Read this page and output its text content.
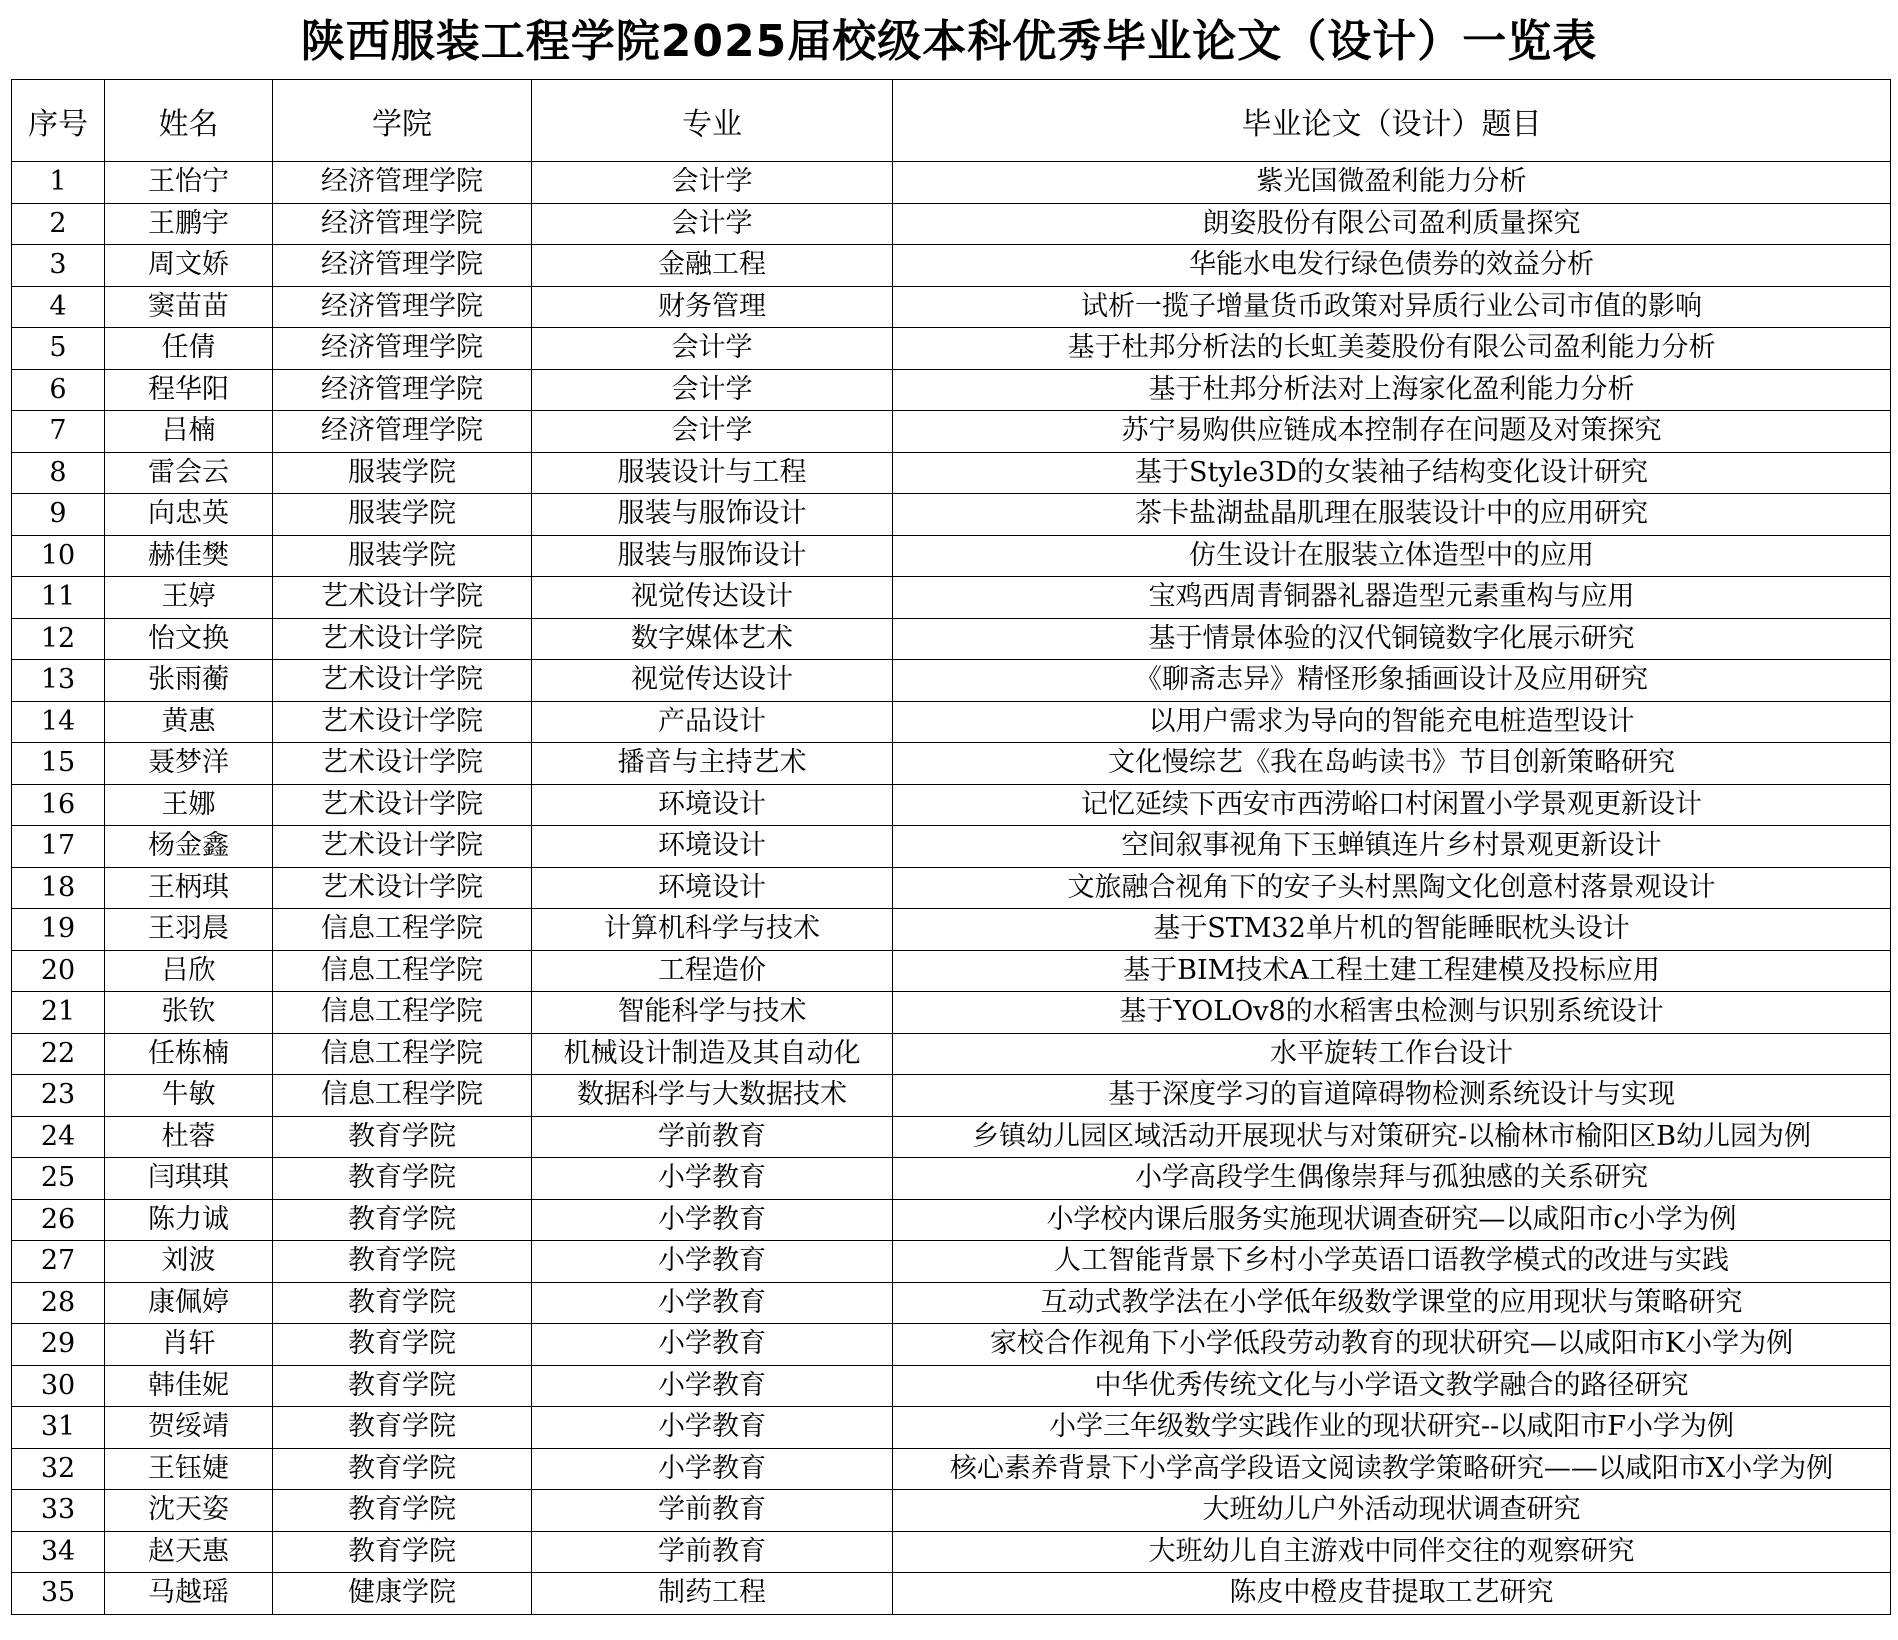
陕西服装工程学院2025届校级本科优秀毕业论文（设计）一览表
序号	姓名	学院	专业	毕业论文（设计）题目
1	王怡宁	经济管理学院	会计学	紫光国微盈利能力分析
2	王鹏宇	经济管理学院	会计学	朗姿股份有限公司盈利质量探究
3	周文娇	经济管理学院	金融工程	华能水电发行绿色债券的效益分析
4	窦苗苗	经济管理学院	财务管理	试析一揽子增量货币政策对异质行业公司市值的影响
5	任倩	经济管理学院	会计学	基于杜邦分析法的长虹美菱股份有限公司盈利能力分析
6	程华阳	经济管理学院	会计学	基于杜邦分析法对上海家化盈利能力分析
7	吕楠	经济管理学院	会计学	苏宁易购供应链成本控制存在问题及对策探究
8	雷会云	服装学院	服装设计与工程	基于Style3D的女装袖子结构变化设计研究
9	向忠英	服装学院	服装与服饰设计	茶卡盐湖盐晶肌理在服装设计中的应用研究
10	赫佳樊	服装学院	服装与服饰设计	仿生设计在服装立体造型中的应用
11	王婷	艺术设计学院	视觉传达设计	宝鸡西周青铜器礼器造型元素重构与应用
12	怡文换	艺术设计学院	数字媒体艺术	基于情景体验的汉代铜镜数字化展示研究
13	张雨蘅	艺术设计学院	视觉传达设计	《聊斋志异》精怪形象插画设计及应用研究
14	黄惠	艺术设计学院	产品设计	以用户需求为导向的智能充电桩造型设计
15	聂梦洋	艺术设计学院	播音与主持艺术	文化慢综艺《我在岛屿读书》节目创新策略研究
16	王娜	艺术设计学院	环境设计	记忆延续下西安市西涝峪口村闲置小学景观更新设计
17	杨金鑫	艺术设计学院	环境设计	空间叙事视角下玉蝉镇连片乡村景观更新设计
18	王柄琪	艺术设计学院	环境设计	文旅融合视角下的安子头村黑陶文化创意村落景观设计
19	王羽晨	信息工程学院	计算机科学与技术	基于STM32单片机的智能睡眠枕头设计
20	吕欣	信息工程学院	工程造价	基于BIM技术A工程土建工程建模及投标应用
21	张钦	信息工程学院	智能科学与技术	基于YOLOv8的水稻害虫检测与识别系统设计
22	任栋楠	信息工程学院	机械设计制造及其自动化	水平旋转工作台设计
23	牛敏	信息工程学院	数据科学与大数据技术	基于深度学习的盲道障碍物检测系统设计与实现
24	杜蓉	教育学院	学前教育	乡镇幼儿园区域活动开展现状与对策研究-以榆林市榆阳区B幼儿园为例
25	闫琪琪	教育学院	小学教育	小学高段学生偶像崇拜与孤独感的关系研究
26	陈力诚	教育学院	小学教育	小学校内课后服务实施现状调查研究—以咸阳市c小学为例
27	刘波	教育学院	小学教育	人工智能背景下乡村小学英语口语教学模式的改进与实践
28	康佩婷	教育学院	小学教育	互动式教学法在小学低年级数学课堂的应用现状与策略研究
29	肖轩	教育学院	小学教育	家校合作视角下小学低段劳动教育的现状研究—以咸阳市K小学为例
30	韩佳妮	教育学院	小学教育	中华优秀传统文化与小学语文教学融合的路径研究
31	贺绥靖	教育学院	小学教育	小学三年级数学实践作业的现状研究--以咸阳市F小学为例
32	王钰婕	教育学院	小学教育	核心素养背景下小学高学段语文阅读教学策略研究——以咸阳市X小学为例
33	沈天姿	教育学院	学前教育	大班幼儿户外活动现状调查研究
34	赵天惠	教育学院	学前教育	大班幼儿自主游戏中同伴交往的观察研究
35	马越瑶	健康学院	制药工程	陈皮中橙皮苷提取工艺研究
